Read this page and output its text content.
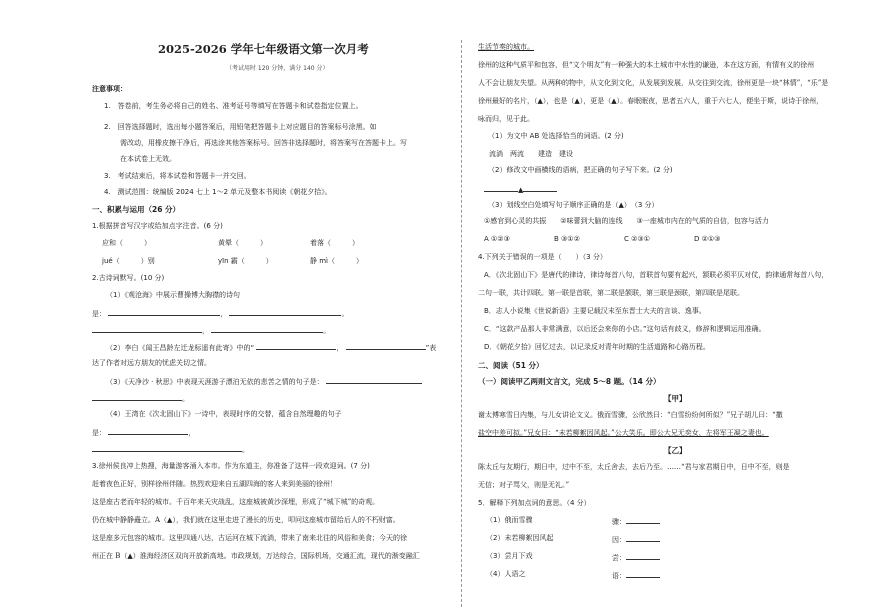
2025-2026 学年七年级语文第一次月考
（考试用时 120 分钟，满分 140 分）
注意事项：
1.　答卷前，考生务必将自己的姓名、准考证号等填写在答题卡和试卷指定位置上。
2.　回答选择题时，选出每小题答案后，用铅笔把答题卡上对应题目的答案标号涂黑。如
需改动，用橡皮擦干净后，再选涂其他答案标号。回答非选择题时，将答案写在答题卡上。写
在本试卷上无效。
3.　考试结束后，将本试卷和答题卡一并交回。
4.　测试范围：统编版 2024 七上 1～2 单元及整本书阅读《朝花夕拾》。
一、积累与运用（26 分）
1.根据拼音写汉字或给加点字注音。(6 分)
应和（　　　）	黄晕（　　　）	着落（　　　）
jué（　　　）别	yīn 霸（　　　）	静 mì（　　　）
2.古诗词默写。(10 分)
（1）《观沧海》中展示曹操博大胸襟的诗句
是：	，	。
，	。
（2）李白《闻王昌龄左迁龙标遥有此寄》中的“	，	”表
达了作者对远方朋友的忧虑关切之情。
（3）《天净沙 · 秋思》中表现天涯游子漂泊无依的悲苦之情的句子是：
。
（4）王湾在《次北固山下》一诗中，表现时序的交替，蕴含自然理趣的句子
是：	，
。
3.徐州侯良冲上热搜，海量游客涌入本市。作为东道主，你准备了这样一段欢迎词。(7 分)
赶着夜色正好，别样徐州伴随。热烈欢迎来自五湖四海的客人来到美丽的徐州！
这是座古老而年轻的城市。千百年来天灾战乱，这座城被黄沙深埋，形成了“城下城”的奇观。
仍在城中静静矗立。A（▲），我们就在这里走进了漫长的历史，叩问这座城市留给后人的不朽财富。
这是座多元包容的城市。这里四通八达，古运河在城下流淌，带来了南来北往的风俗和美食；今天的徐
州正在 B（▲）淮海经济区双向开放新高地。市政规划，万达综合，国际机场，交通汇流，现代的渐变融汇
生活节奏的城市。
徐州的这种气质平和包容，但“文个明友”有一种强大的本土城市中水性的谦逊，本在这方面，有情有义的徐州
人不会让朋友失望。从两种的物中，从文化到文化，从发展到发展，从交往到交流，徐州更是一块“林情”，“乐”是
徐州最好的名片，（▲），也是（▲），更是（▲）。春眠眠夜，思者五六人，重于六七人，便坐于斯，说诗于徐州，
咏而归，见于此。
（1）为文中 AB 处选择恰当的词语。(2 分)
　流淌　两流　　建造　建设
（2）修改文中画横线的语病，把正确的句子写下来。(2 分)
▲
（3）划线空白处填写句子顺序正确的是（▲）　（3 分）
①感官到心灵的共振　　②味蕾到大脑的连线　　③一座城市内在的气质的自信，包容与活力
A ①②③	B ③①②	C ②③①	D ②①③
4.下列关于错误的一项是（　　）（3 分）
A．《次北固山下》是唐代的律诗，律诗每首八句，首联首句要有起兴，颔联必须平仄对仗，韵律通常每首八句，
二句一联，共计四联。第一联是首联，第二联是颔联，第三联是颈联，第四联是尾联。
B．志人小说集《世说新语》主要记载汉末至东晋士大夫的言谈、逸事。
C．“这款产品那人非常满意，以后还会来你的小店。”这句话有歧义，修辞和逻辑运用准确。
D．《朝花夕拾》回忆过去，以记录反对青年时期的生活道路和心路历程。
二、阅读（51 分）
（一）阅读甲乙两则文言文，完成 5～8 题。（14 分）
【甲】
谢太傅寒雪日内集，与儿女讲论文义。俄而雪骤，公欣然曰：“白雪纷纷何所似？”兄子胡儿曰：“撒
盐空中差可拟。”兄女曰：“未若柳絮因风起。”公大笑乐。即公大兄无奕女，左将军王凝之妻也。
【乙】
陈太丘与友期行，期日中，过中不至，太丘舍去，去后乃至。……“君与家君期日中，日中不至，则是
无信；对子骂父，则是无礼。”
5．解释下列加点词的意思。（4 分）
（1）俄而雪骤	骤：
（2）未若柳絮因风起	因：
（3）尝月下戏	尝：
（4）人语之	语：
